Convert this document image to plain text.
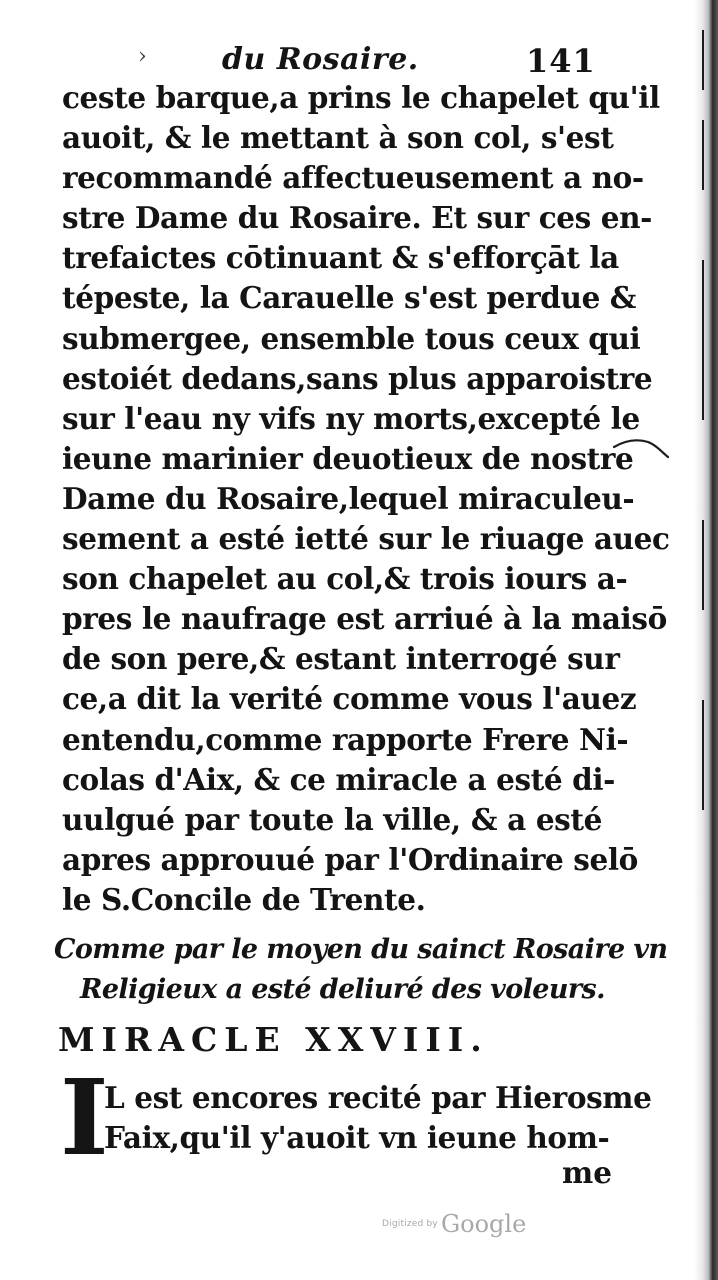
›	du Rosaire.	141
ceste barque,a prins le chapelet qu'il
auoit, & le mettant à son col, s'est
recommandé affectueusement a no-
stre Dame du Rosaire. Et sur ces en-
trefaictes cōtinuant & s'efforçāt la
tépeste, la Carauelle s'est perdue &
submergee, ensemble tous ceux qui
estoiét dedans,sans plus apparoistre
sur l'eau ny vifs ny morts,excepté le
ieune marinier deuotieux de nostre
Dame du Rosaire,lequel miraculeu-
sement a esté ietté sur le riuage auec
son chapelet au col,& trois iours a-
pres le naufrage est arriué à la maisō
de son pere,& estant interrogé sur
ce,a dit la verité comme vous l'auez
entendu,comme rapporte Frere Ni-
colas d'Aix, & ce miracle a esté di-
uulgué par toute la ville, & a esté
apres approuué par l'Ordinaire selō
le S.Concile de Trente.
Comme par le moyen du sainct Rosaire vn
Religieux a esté deliuré des voleurs.
MIRACLE XXVIII.
I
L est encores recité par Hierosme
Faix,qu'il y'auoit vn ieune hom-
me
Digitized by Google
